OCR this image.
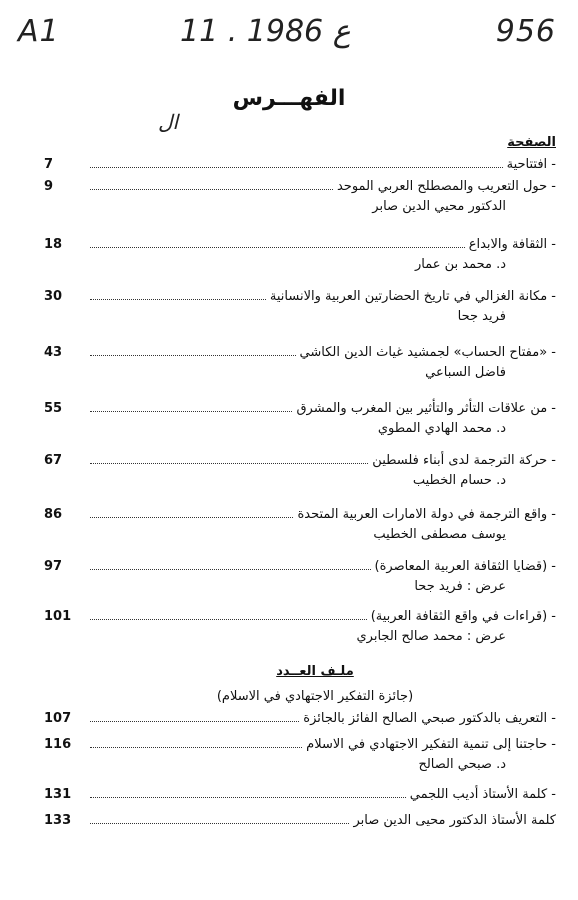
A1	11 . ع 1986	956
ال
الفهـــرس
الصفحة
- افتتاحية
7
- حول التعريب والمصطلح العربي الموحد
9
الدكتور محيي الدين صابر
- الثقافة والابداع
18
د. محمد بن عمار
- مكانة الغزالي في تاريخ الحضارتين العربية والانسانية
30
فريد جحا
- «مفتاح الحساب» لجمشيد غياث الدين الكاشي
43
فاضل السباعي
- من علاقات التأثر والتأثير بين المغرب والمشرق
55
د. محمد الهادي المطوي
- حركة الترجمة لدى أبناء فلسطين
67
د. حسام الخطيب
- واقع الترجمة في دولة الامارات العربية المتحدة
86
يوسف مصطفى الخطيب
- (قضايا الثقافة العربية المعاصرة)
97
عرض : فريد جحا
- (قراءات في واقع الثقافة العربية)
101
عرض : محمد صالح الجابري
ملـف العــدد
(جائزة التفكير الاجتهادي في الاسلام)
- التعريف بالدكتور صبحي الصالح الفائز بالجائزة
107
- حاجتنا إلى تنمية التفكير الاجتهادي في الاسلام
116
د. صبحي الصالح
- كلمة الأستاذ أديب اللجمي
131
كلمة الأستاذ الدكتور محيى الدين صابر
133
